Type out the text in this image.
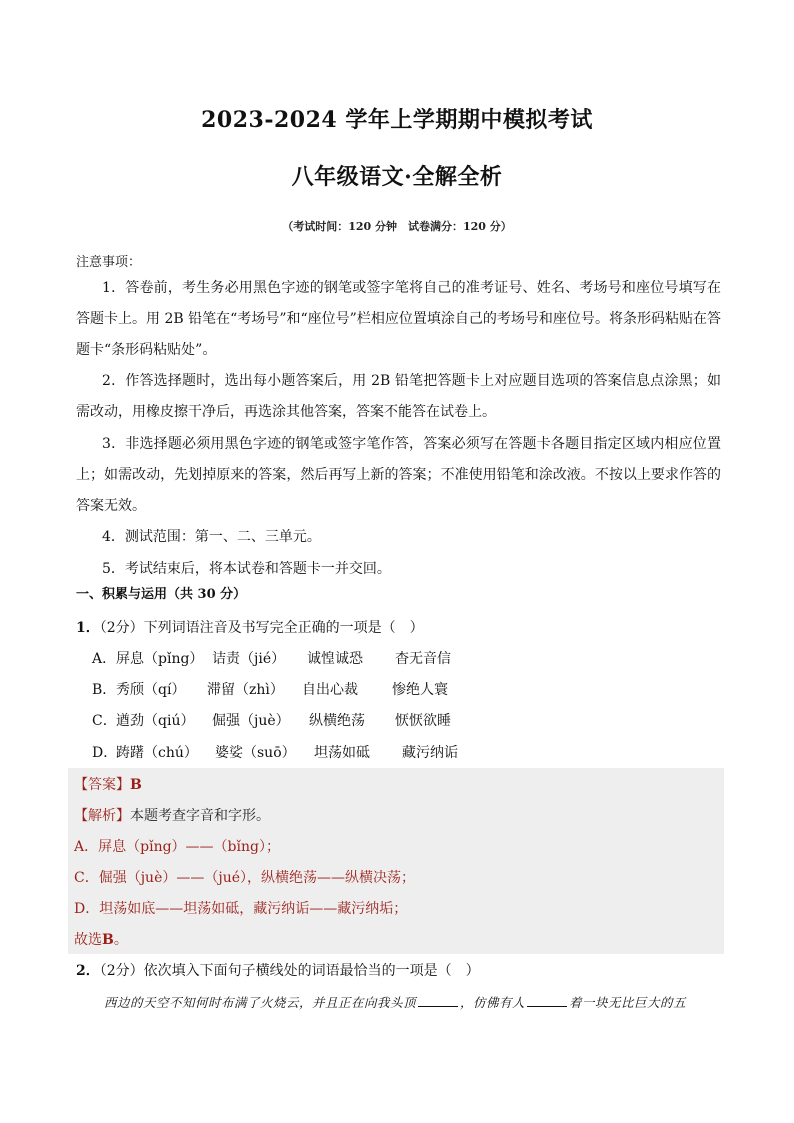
2023-2024 学年上学期期中模拟考试
八年级语文·全解全析
（考试时间：120 分钟　试卷满分：120 分）
注意事项：
1．答卷前，考生务必用黑色字迹的钢笔或签字笔将自己的准考证号、姓名、考场号和座位号填写在答题卡上。用 2B 铅笔在“考场号”和“座位号”栏相应位置填涂自己的考场号和座位号。将条形码粘贴在答题卡“条形码粘贴处”。
2．作答选择题时，选出每小题答案后，用 2B 铅笔把答题卡上对应题目选项的答案信息点涂黑；如需改动，用橡皮擦干净后，再选涂其他答案，答案不能答在试卷上。
3．非选择题必须用黑色字迹的钢笔或签字笔作答，答案必须写在答题卡各题目指定区域内相应位置上；如需改动，先划掉原来的答案，然后再写上新的答案；不准使用铅笔和涂改液。不按以上要求作答的答案无效。
4．测试范围：第一、二、三单元。
5．考试结束后，将本试卷和答题卡一并交回。
一、积累与运用（共 30 分）
1．（2分）下列词语注音及书写完全正确的一项是（　）
A． 屏息（pǐng） 诘责（jié） 诚惶诚恐 杳无音信
B． 秀颀（qí） 滞留（zhì） 自出心裁 惨绝人寰
C． 遒劲（qiú） 倔强（juè） 纵横绝荡 恹恹欲睡
D．
踌躇（chú） 婆娑（suō） 坦荡如砥 藏污纳诟
【答案】B
【解析】本题考查字音和字形。
A．屏息（pǐng）——（bǐng）；
C．倔强（juè）——（jué），纵横绝荡——纵横决荡；
D．坦荡如底——坦荡如砥，藏污纳诟——藏污纳垢；
故选B。
2．（2分）依次填入下面句子横线处的词语最恰当的一项是（　）
西边的天空不知何时布满了火烧云，并且正在向我头顶	，仿佛有人	着一块无比巨大的五
